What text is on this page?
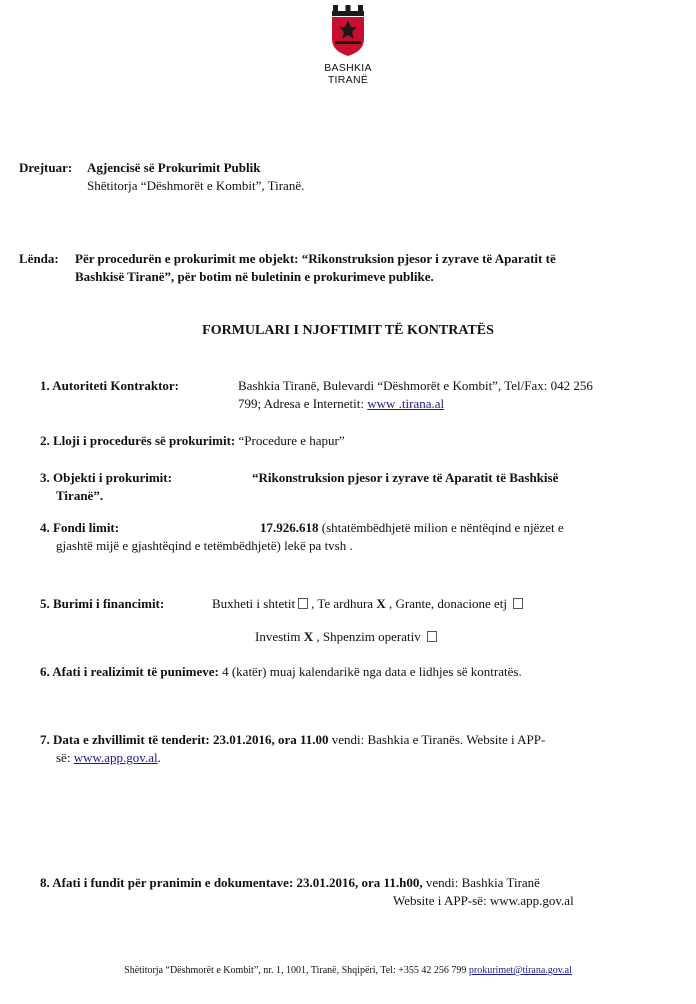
BASHKIA
TIRANË
Drejtuar: Agjencisë së Prokurimit Publik
Shëtitorja “Dëshmorët e Kombit”, Tiranë.
Lënda: Për procedurën e prokurimit me objekt: “Rikonstruksion pjesor i zyrave të Aparatit të
Bashkisë Tiranë”, për botim në buletinin e prokurimeve publike.
FORMULARI I NJOFTIMIT TË KONTRATËS
1. Autoriteti Kontraktor:	Bashkia Tiranë, Bulevardi “Dëshmorët e Kombit”, Tel/Fax: 042 256
799; Adresa e Internetit: www .tirana.al
2. Lloji i procedurës së prokurimit: “Procedure e hapur”
3. Objekti i prokurimit:	“Rikonstruksion pjesor i zyrave të Aparatit të Bashkisë
Tiranë”.
4. Fondi limit:	17.926.618 (shtatëmbëdhjetë milion e nëntëqind e njëzet e
gjashtë mijë e gjashtëqind e tetëmbëdhjetë) lekë pa tvsh .
5. Burimi i financimit:	Buxheti i shtetit , Te ardhura X , Grante, donacione etj
Investim X , Shpenzim operativ
6. Afati i realizimit të punimeve: 4 (katër) muaj kalendarikë nga data e lidhjes së kontratës.
7. Data e zhvillimit të tenderit: 23.01.2016, ora 11.00 vendi: Bashkia e Tiranës. Website i APP-
së: www.app.gov.al.
8. Afati i fundit për pranimin e dokumentave: 23.01.2016, ora 11.h00, vendi: Bashkia Tiranë
Website i APP-së: www.app.gov.al
Shëtitorja “Dëshmorët e Kombit”, nr. 1, 1001, Tiranë, Shqipëri, Tel: +355 42 256 799 prokurimet@tirana.gov.al
